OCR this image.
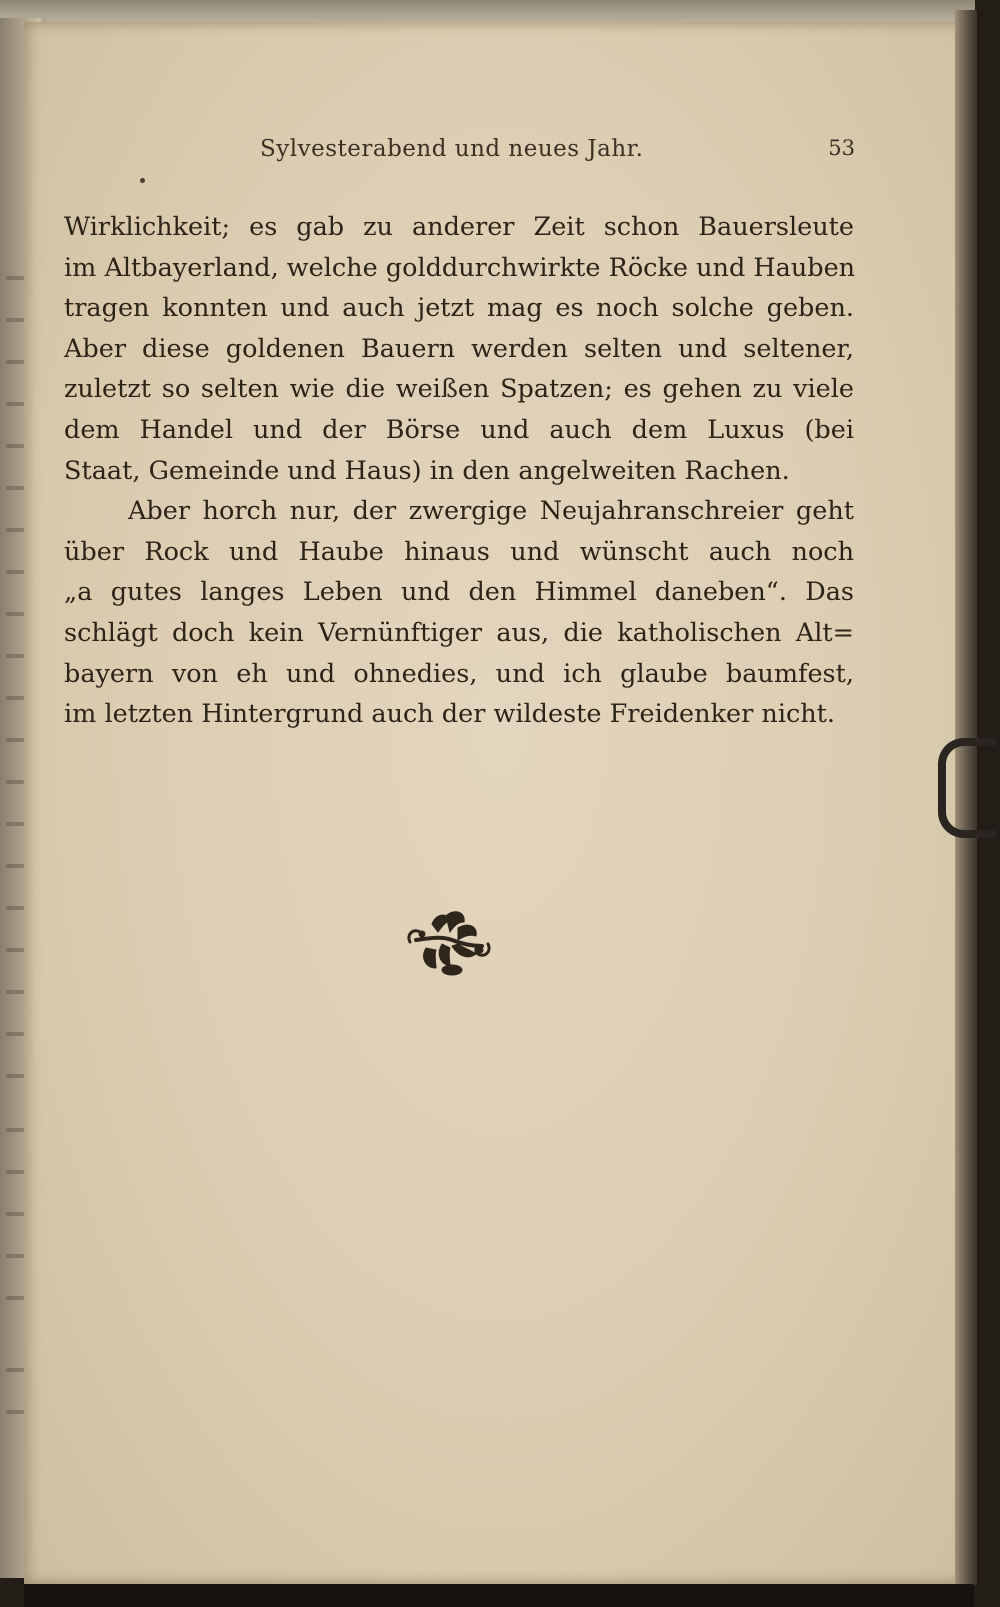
Sylvesterabend und neues Jahr.	53
Wirklichkeit; es gab zu anderer Zeit schon Bauersleute
im Altbayerland, welche golddurchwirkte Röcke und Hauben
tragen konnten und auch jetzt mag es noch solche geben.
Aber diese goldenen Bauern werden selten und seltener,
zuletzt so selten wie die weißen Spatzen; es gehen zu viele
dem Handel und der Börse und auch dem Luxus (bei
Staat, Gemeinde und Haus) in den angelweiten Rachen.
Aber horch nur, der zwergige Neujahranschreier geht
über Rock und Haube hinaus und wünscht auch noch
„a gutes langes Leben und den Himmel daneben“. Das
schlägt doch kein Vernünftiger aus, die katholischen Alt=
bayern von eh und ohnedies, und ich glaube baumfest,
im letzten Hintergrund auch der wildeste Freidenker nicht.
